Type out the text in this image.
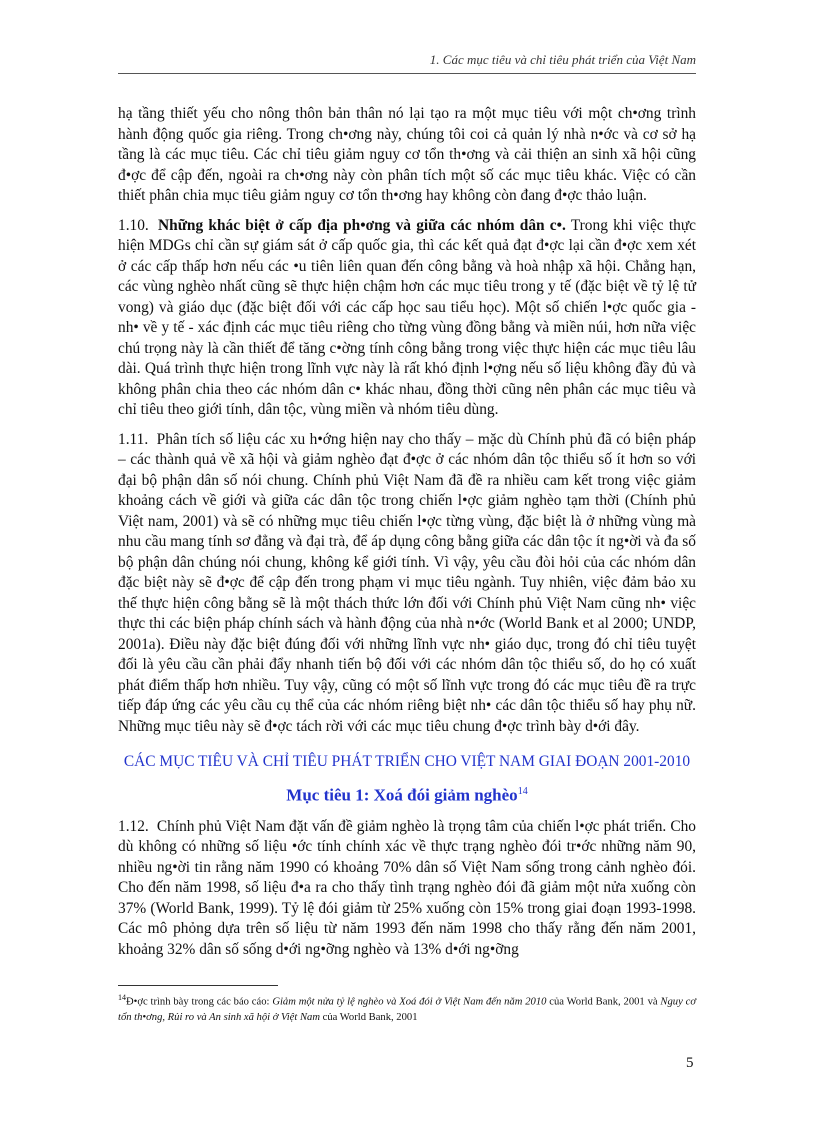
1. Các mục tiêu và chỉ tiêu phát triển của Việt Nam

hạ tầng thiết yếu cho nông thôn bản thân nó lại tạo ra một mục tiêu với một ch•ơng trình hành động quốc gia riêng. Trong ch•ơng này, chúng tôi coi cả quản lý nhà n•ớc và cơ sở hạ tầng là các mục tiêu. Các chỉ tiêu giảm nguy cơ tổn th•ơng và cải thiện an sinh xã hội cũng đ•ợc để cập đến, ngoài ra ch•ơng này còn phân tích một số các mục tiêu khác. Việc có cần thiết phân chia mục tiêu giảm nguy cơ tổn th•ơng hay không còn đang đ•ợc thảo luận.

1.10. Những khác biệt ở cấp địa ph•ơng và giữa các nhóm dân c•. Trong khi việc thực hiện MDGs chỉ cần sự giám sát ở cấp quốc gia, thì các kết quả đạt đ•ợc lại cần đ•ợc xem xét ở các cấp thấp hơn nếu các •u tiên liên quan đến công bằng và hoà nhập xã hội. Chẳng hạn, các vùng nghèo nhất cũng sẽ thực hiện chậm hơn các mục tiêu trong y tế (đặc biệt về tỷ lệ tử vong) và giáo dục (đặc biệt đối với các cấp học sau tiểu học). Một số chiến l•ợc quốc gia - nh• về y tế - xác định các mục tiêu riêng cho từng vùng đồng bằng và miền núi, hơn nữa việc chú trọng này là cần thiết để tăng c•ờng tính công bằng trong việc thực hiện các mục tiêu lâu dài. Quá trình thực hiện trong lĩnh vực này là rất khó định l•ợng nếu số liệu không đầy đủ và không phân chia theo các nhóm dân c• khác nhau, đồng thời cũng nên phân các mục tiêu và chỉ tiêu theo giới tính, dân tộc, vùng miền và nhóm tiêu dùng.

1.11. Phân tích số liệu các xu h•ớng hiện nay cho thấy – mặc dù Chính phủ đã có biện pháp – các thành quả về xã hội và giảm nghèo đạt đ•ợc ở các nhóm dân tộc thiểu số ít hơn so với đại bộ phận dân số nói chung. Chính phủ Việt Nam đã đề ra nhiều cam kết trong việc giảm khoảng cách về giới và giữa các dân tộc trong chiến l•ợc giảm nghèo tạm thời (Chính phủ Việt nam, 2001) và sẽ có những mục tiêu chiến l•ợc từng vùng, đặc biệt là ở những vùng mà nhu cầu mang tính sơ đẳng và đại trà, để áp dụng công bằng giữa các dân tộc ít ng•ời và đa số bộ phận dân chúng nói chung, không kể giới tính. Vì vậy, yêu cầu đòi hỏi của các nhóm dân đặc biệt này sẽ đ•ợc để cập đến trong phạm vi mục tiêu ngành. Tuy nhiên, việc đảm bảo xu thế thực hiện công bằng sẽ là một thách thức lớn đối với Chính phủ Việt Nam cũng nh• việc thực thi các biện pháp chính sách và hành động của nhà n•ớc (World Bank et al 2000; UNDP, 2001a). Điều này đặc biệt đúng đối với những lĩnh vực nh• giáo dục, trong đó chỉ tiêu tuyệt đối là yêu cầu cần phải đẩy nhanh tiến bộ đối với các nhóm dân tộc thiểu số, do họ có xuất phát điểm thấp hơn nhiều. Tuy vậy, cũng có một số lĩnh vực trong đó các mục tiêu đề ra trực tiếp đáp ứng các yêu cầu cụ thể của các nhóm riêng biệt nh• các dân tộc thiểu số hay phụ nữ. Những mục tiêu này sẽ đ•ợc tách rời với các mục tiêu chung đ•ợc trình bày d•ới đây.

CÁC MỤC TIÊU VÀ CHỈ TIÊU PHÁT TRIỂN CHO VIỆT NAM GIAI ĐOẠN 2001-2010
Mục tiêu 1: Xoá đói giảm nghèo$^{14}$

1.12. Chính phủ Việt Nam đặt vấn đề giảm nghèo là trọng tâm của chiến l•ợc phát triển. Cho dù không có những số liệu •ớc tính chính xác về thực trạng nghèo đói tr•ớc những năm 90, nhiều ng•ời tin rằng năm 1990 có khoảng 70% dân số Việt Nam sống trong cảnh nghèo đói. Cho đến năm 1998, số liệu đ•a ra cho thấy tình trạng nghèo đói đã giảm một nửa xuống còn 37% (World Bank, 1999). Tỷ lệ đói giảm từ 25% xuống còn 15% trong giai đoạn 1993-1998. Các mô phỏng dựa trên số liệu từ năm 1993 đến năm 1998 cho thấy rằng đến năm 2001, khoảng 32% dân số sống d•ới ng•ỡng nghèo và 13% d•ới ng•ỡng

$^{14}$Đ•ợc trình bày trong các báo cáo: Giảm một nửa tỷ lệ nghèo và Xoá đói ở Việt Nam đến năm 2010 của World Bank, 2001 và Nguy cơ tổn th•ơng, Rủi ro và An sinh xã hội ở Việt Nam của World Bank, 2001
5
